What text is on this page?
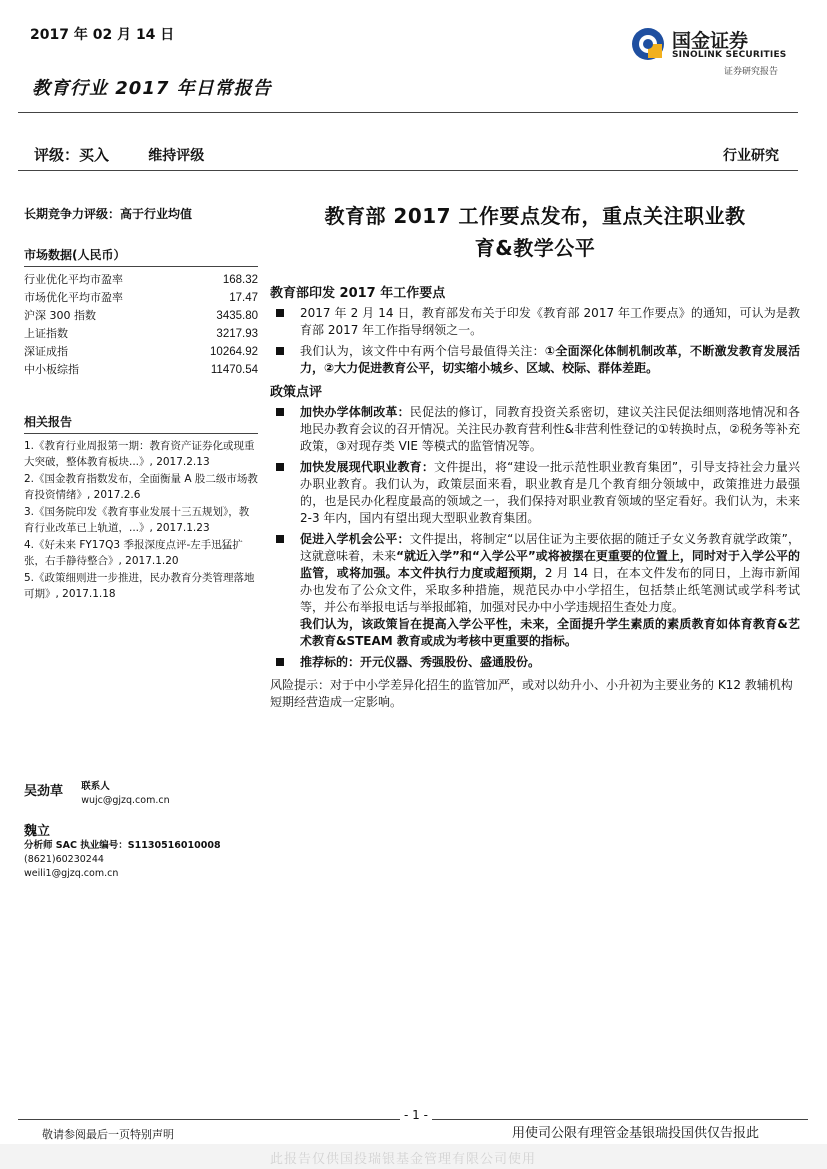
2017 年 02 月 14 日
教育行业 2017 年日常报告
国金证券
SINOLINK SECURITIES
证券研究报告
评级：买入	维持评级	行业研究
长期竞争力评级：高于行业均值
市场数据(人民币）
行业优化平均市盈率	168.32
市场优化平均市盈率	17.47
沪深 300 指数	3435.80
上证指数	3217.93
深证成指	10264.92
中小板综指	11470.54
相关报告
1.《教育行业周报第一期：教育资产证券化或现重大突破，整体教育板块...》, 2017.2.13
2.《国金教育指数发布，全面衡量 A 股二级市场教育投资情绪》, 2017.2.6
3.《国务院印发《教育事业发展十三五规划》，教育行业改革已上轨道，...》, 2017.1.23
4.《好未来 FY17Q3 季报深度点评-左手迅猛扩张，右手静待整合》, 2017.1.20
5.《政策细则进一步推进，民办教育分类管理落地可期》, 2017.1.18
吴劲草 联系人
wujc@gjzq.com.cn
魏立 分析师 SAC 执业编号：S1130516010008
(8621)60230244
weili1@gjzq.com.cn
教育部 2017 工作要点发布，重点关注职业教
育&教学公平
教育部印发 2017 年工作要点
2017 年 2 月 14 日，教育部发布关于印发《教育部 2017 年工作要点》的通知，可认为是教育部 2017 年工作指导纲领之一。
我们认为，该文件中有两个信号最值得关注：①全面深化体制机制改革，不断激发教育发展活力，②大力促进教育公平，切实缩小城乡、区域、校际、群体差距。
政策点评
加快办学体制改革：民促法的修订，同教育投资关系密切，建议关注民促法细则落地情况和各地民办教育会议的召开情况。关注民办教育营利性&非营利性登记的①转换时点，②税务等补充政策，③对现存类 VIE 等模式的监管情况等。
加快发展现代职业教育：文件提出，将“建设一批示范性职业教育集团”，引导支持社会力量兴办职业教育。我们认为，政策层面来看，职业教育是几个教育细分领域中，政策推进力最强的，也是民办化程度最高的领域之一，我们保持对职业教育领域的坚定看好。我们认为，未来 2-3 年内，国内有望出现大型职业教育集团。
促进入学机会公平：文件提出，将制定“以居住证为主要依据的随迁子女义务教育就学政策”，这就意味着，未来“就近入学”和“入学公平”或将被摆在更重要的位置上，同时对于入学公平的监管，或将加强。本文件执行力度或超预期，2 月 14 日，在本文件发布的同日，上海市新闻办也发布了公众文件，采取多种措施，规范民办中小学招生，包括禁止纸笔测试或学科考试等，并公布举报电话与举报邮箱，加强对民办中小学违规招生查处力度。
我们认为，该政策旨在提高入学公平性，未来，全面提升学生素质的素质教育如体育教育&艺术教育&STEAM 教育或成为考核中更重要的指标。
推荐标的：开元仪器、秀强股份、盛通股份。
风险提示：对于中小学差异化招生的监管加严，或对以幼升小、小升初为主要业务的 K12 教辅机构短期经营造成一定影响。
- 1 -
敬请参阅最后一页特别声明	用使司公限有理管金基银瑞投国供仅告报此
此报告仅供国投瑞银基金管理有限公司使用
